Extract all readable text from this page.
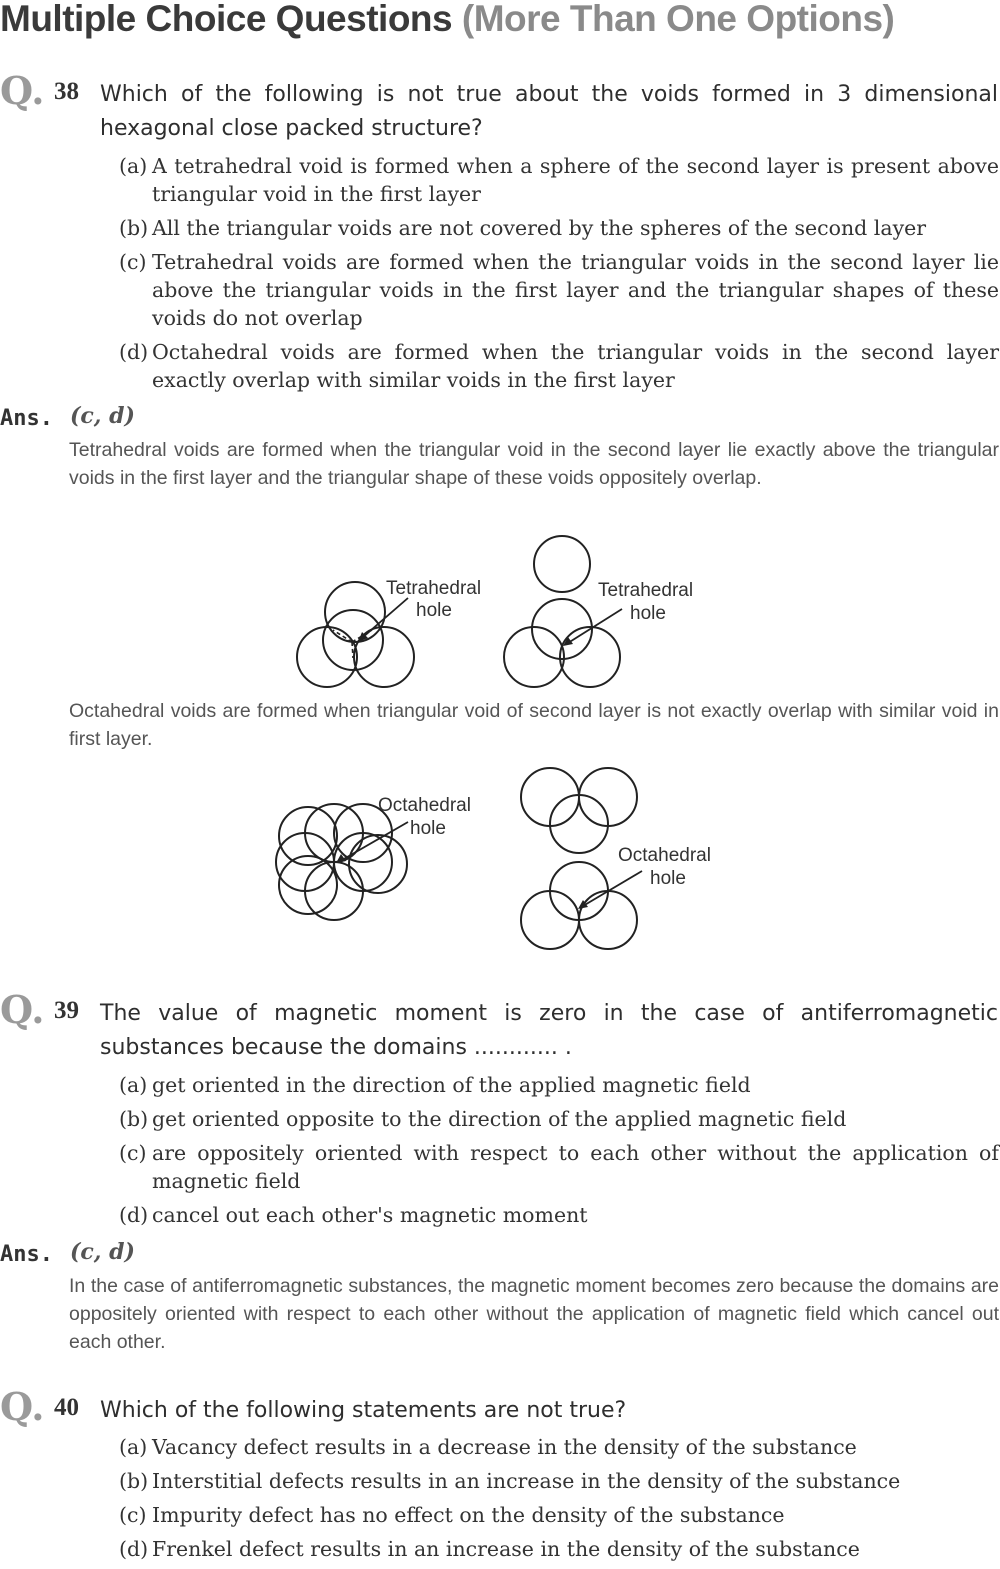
Multiple Choice Questions (More Than One Options)
Q. 38 Which of the following is not true about the voids formed in 3 dimensional hexagonal close packed structure?

(a) A tetrahedral void is formed when a sphere of the second layer is present above triangular void in the first layer
(b) All the triangular voids are not covered by the spheres of the second layer
(c) Tetrahedral voids are formed when the triangular voids in the second layer lie above the triangular voids in the first layer and the triangular shapes of these voids do not overlap
(d) Octahedral voids are formed when the triangular voids in the second layer exactly overlap with similar voids in the first layer
Ans. (c, d)

Tetrahedral voids are formed when the triangular void in the second layer lie exactly above the triangular voids in the first layer and the triangular shape of these voids oppositely overlap.

Tetrahedral
hole
Tetrahedral
hole

Octahedral voids are formed when triangular void of second layer is not exactly overlap with similar void in first layer.

Octahedral
hole
Octahedral
hole
Q. 39 The value of magnetic moment is zero in the case of antiferromagnetic substances because the domains ............ .

(a) get oriented in the direction of the applied magnetic field
(b) get oriented opposite to the direction of the applied magnetic field
(c) are oppositely oriented with respect to each other without the application of magnetic field
(d) cancel out each other's magnetic moment
Ans. (c, d)

In the case of antiferromagnetic substances, the magnetic moment becomes zero because the domains are oppositely oriented with respect to each other without the application of magnetic field which cancel out each other.

Q. 40 Which of the following statements are not true?

(a) Vacancy defect results in a decrease in the density of the substance
(b) Interstitial defects results in an increase in the density of the substance
(c) Impurity defect has no effect on the density of the substance
(d) Frenkel defect results in an increase in the density of the substance
